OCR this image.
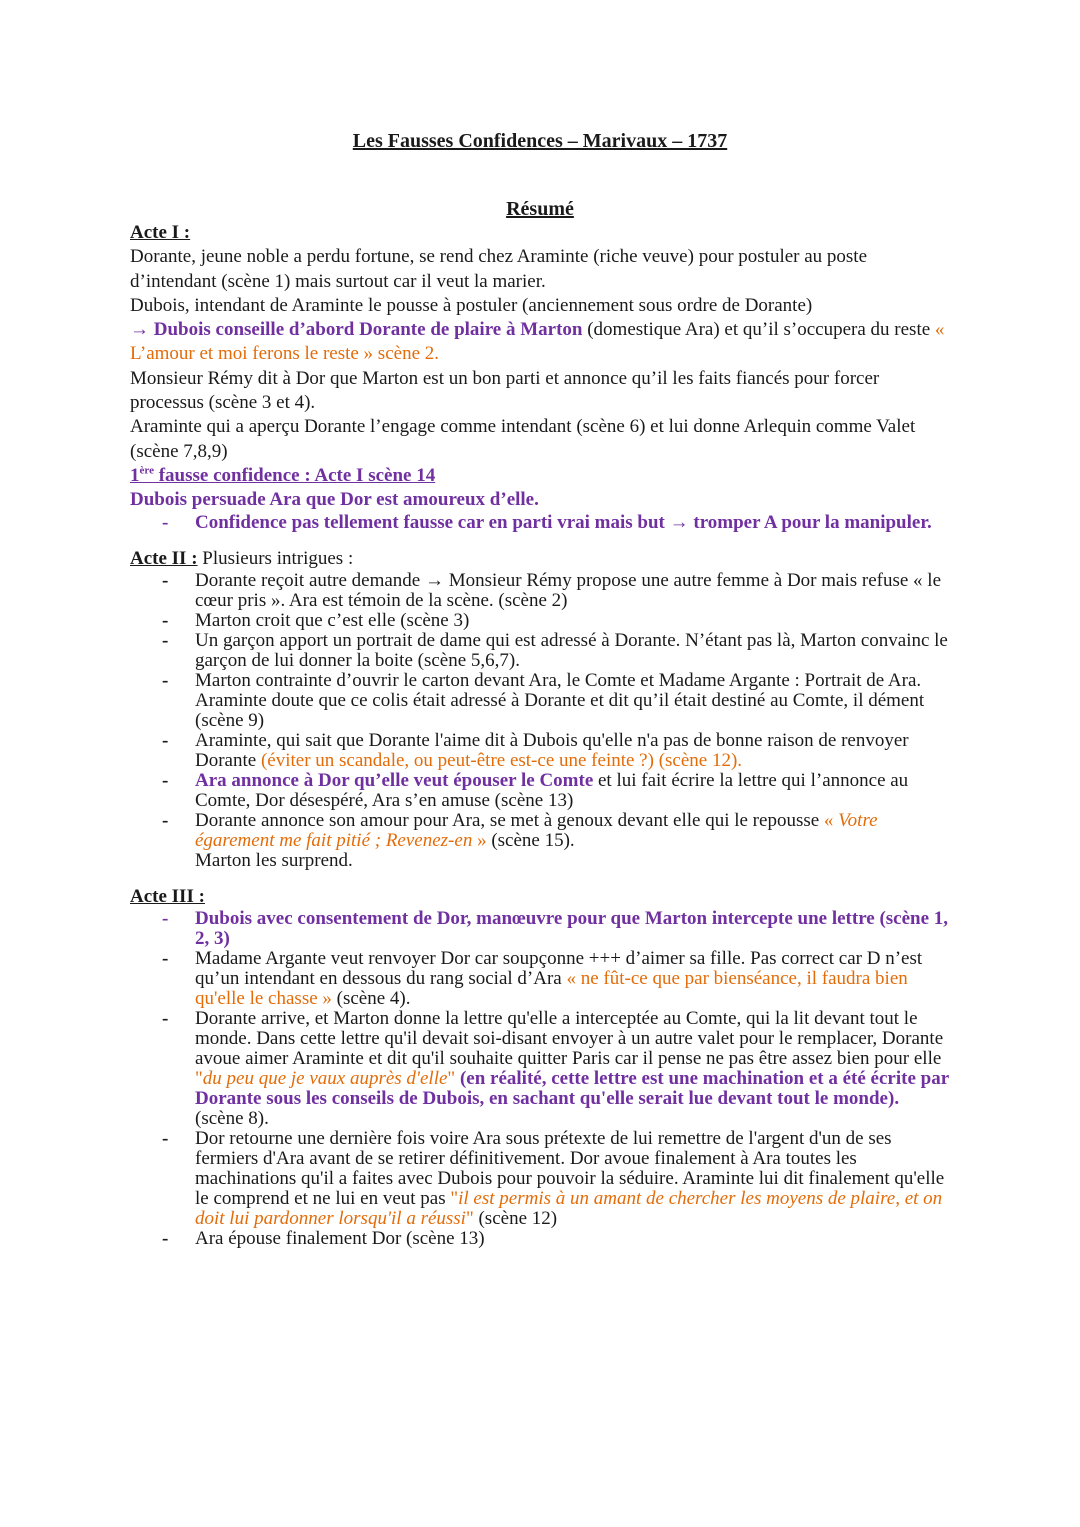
Les Fausses Confidences – Marivaux – 1737
Résumé

Acte I :

Dorante, jeune noble a perdu fortune, se rend chez Araminte (riche veuve) pour postuler au poste d’intendant (scène 1) mais surtout car il veut la marier.

Dubois, intendant de Araminte le pousse à postuler (anciennement sous ordre de Dorante)

→ Dubois conseille d’abord Dorante de plaire à Marton (domestique Ara) et qu’il s’occupera du reste « L’amour et moi ferons le reste » scène 2.

Monsieur Rémy dit à Dor que Marton est un bon parti et annonce qu’il les faits fiancés pour forcer processus (scène 3 et 4).

Araminte qui a aperçu Dorante l’engage comme intendant (scène 6) et lui donne Arlequin comme Valet (scène 7,8,9)

1ère fausse confidence : Acte I scène 14

Dubois persuade Ara que Dor est amoureux d’elle.

- Confidence pas tellement fausse car en parti vrai mais but → tromper A pour la manipuler.

Acte II : Plusieurs intrigues :

- Dorante reçoit autre demande → Monsieur Rémy propose une autre femme à Dor mais refuse « le cœur pris ». Ara est témoin de la scène. (scène 2)
- Marton croit que c’est elle (scène 3)
- Un garçon apport un portrait de dame qui est adressé à Dorante. N’étant pas là, Marton convainc le garçon de lui donner la boite (scène 5,6,7).
- Marton contrainte d’ouvrir le carton devant Ara, le Comte et Madame Argante : Portrait de Ara. Araminte doute que ce colis était adressé à Dorante et dit qu’il était destiné au Comte, il dément (scène 9)
- Araminte, qui sait que Dorante l'aime dit à Dubois qu'elle n'a pas de bonne raison de renvoyer Dorante (éviter un scandale, ou peut-être est-ce une feinte ?) (scène 12).
- Ara annonce à Dor qu’elle veut épouser le Comte et lui fait écrire la lettre qui l’annonce au Comte, Dor désespéré, Ara s’en amuse (scène 13)
- Dorante annonce son amour pour Ara, se met à genoux devant elle qui le repousse « Votre égarement me fait pitié ; Revenez-en » (scène 15).
Marton les surprend.

Acte III :

- Dubois avec consentement de Dor, manœuvre pour que Marton intercepte une lettre (scène 1, 2, 3)
- Madame Argante veut renvoyer Dor car soupçonne +++ d’aimer sa fille. Pas correct car D n’est qu’un intendant en dessous du rang social d’Ara « ne fût-ce que par bienséance, il faudra bien qu'elle le chasse » (scène 4).
- Dorante arrive, et Marton donne la lettre qu'elle a interceptée au Comte, qui la lit devant tout le monde. Dans cette lettre qu'il devait soi-disant envoyer à un autre valet pour le remplacer, Dorante avoue aimer Araminte et dit qu'il souhaite quitter Paris car il pense ne pas être assez bien pour elle "du peu que je vaux auprès d'elle" (en réalité, cette lettre est une machination et a été écrite par Dorante sous les conseils de Dubois, en sachant qu'elle serait lue devant tout le monde). (scène 8).
- Dor retourne une dernière fois voire Ara sous prétexte de lui remettre de l'argent d'un de ses fermiers d'Ara avant de se retirer définitivement. Dor avoue finalement à Ara toutes les machinations qu'il a faites avec Dubois pour pouvoir la séduire. Araminte lui dit finalement qu'elle le comprend et ne lui en veut pas "il est permis à un amant de chercher les moyens de plaire, et on doit lui pardonner lorsqu'il a réussi" (scène 12)
- Ara épouse finalement Dor (scène 13)
